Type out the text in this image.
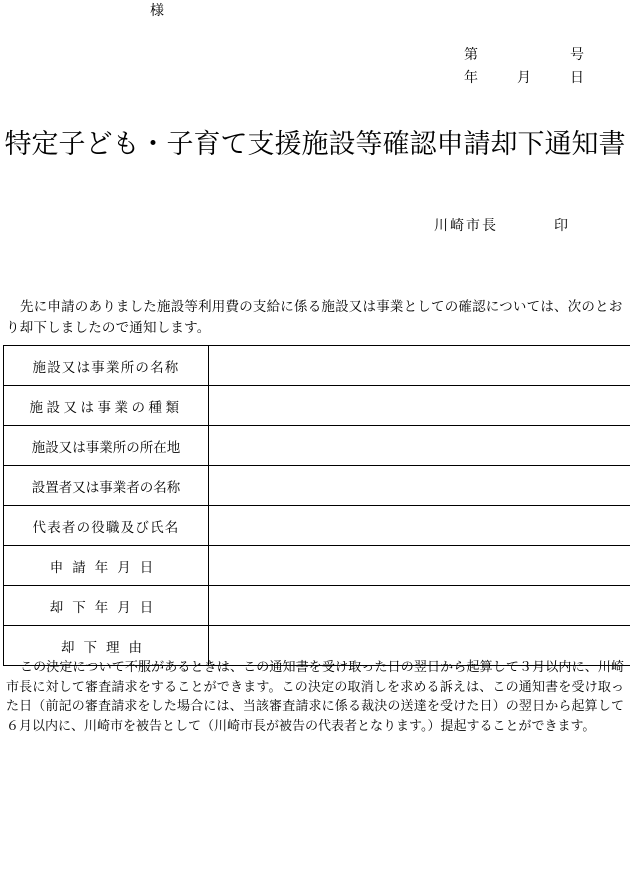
様
第	号
年	月	日
特定子ども・子育て支援施設等確認申請却下通知書
川崎市長	印
先に申請のありました施設等利用費の支給に係る施設又は事業としての確認については、次のとおり却下しましたので通知します。
施設又は事業所の名称	
施設又は事業の種類	
施設又は事業所の所在地	
設置者又は事業者の名称	
代表者の役職及び氏名	
申請年月日	
却下年月日	
却下理由	

この決定について不服があるときは、この通知書を受け取った日の翌日から起算して３月以内に、川崎市長に対して審査請求をすることができます。この決定の取消しを求める訴えは、この通知書を受け取った日（前記の審査請求をした場合には、当該審査請求に係る裁決の送達を受けた日）の翌日から起算して６月以内に、川崎市を被告として（川崎市長が被告の代表者となります。）提起することができます。
